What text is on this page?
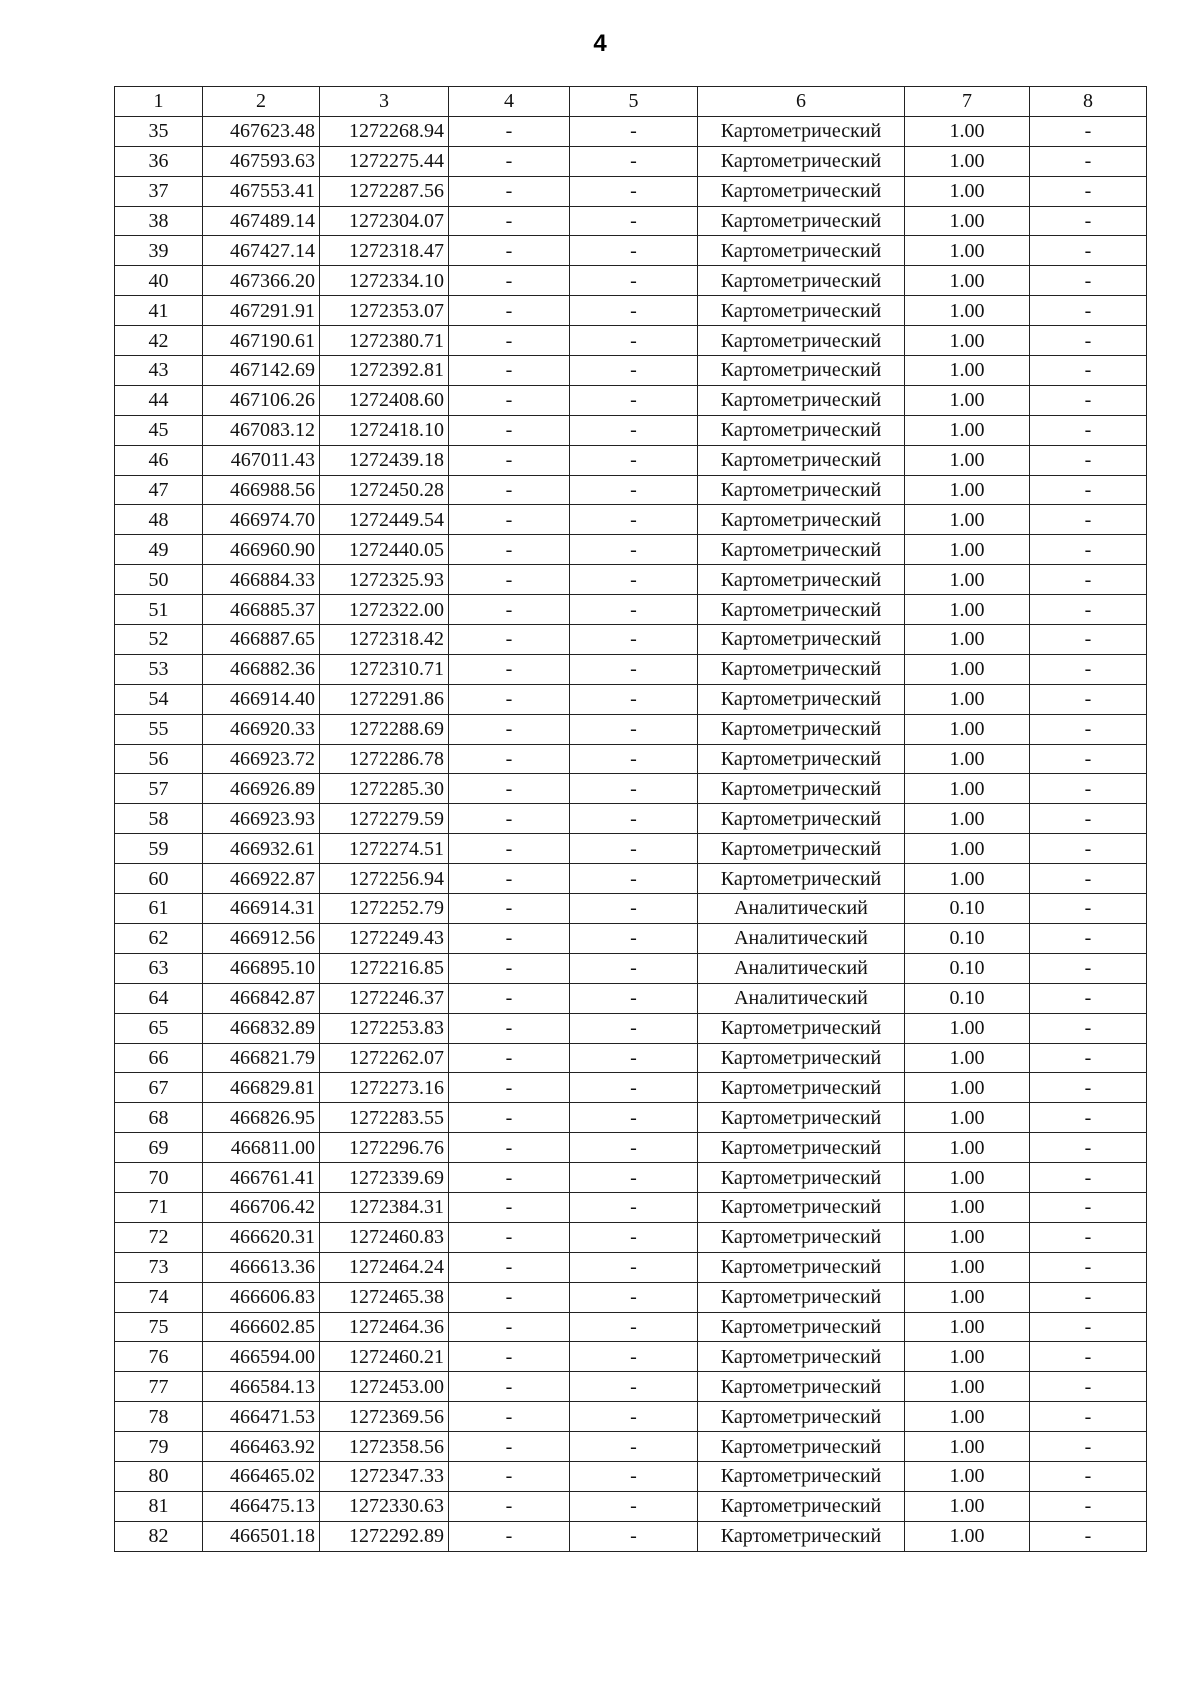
4
1	2	3	4	5	6	7	8
35	467623.48	1272268.94	-	-	Картометрический	1.00	-
36	467593.63	1272275.44	-	-	Картометрический	1.00	-
37	467553.41	1272287.56	-	-	Картометрический	1.00	-
38	467489.14	1272304.07	-	-	Картометрический	1.00	-
39	467427.14	1272318.47	-	-	Картометрический	1.00	-
40	467366.20	1272334.10	-	-	Картометрический	1.00	-
41	467291.91	1272353.07	-	-	Картометрический	1.00	-
42	467190.61	1272380.71	-	-	Картометрический	1.00	-
43	467142.69	1272392.81	-	-	Картометрический	1.00	-
44	467106.26	1272408.60	-	-	Картометрический	1.00	-
45	467083.12	1272418.10	-	-	Картометрический	1.00	-
46	467011.43	1272439.18	-	-	Картометрический	1.00	-
47	466988.56	1272450.28	-	-	Картометрический	1.00	-
48	466974.70	1272449.54	-	-	Картометрический	1.00	-
49	466960.90	1272440.05	-	-	Картометрический	1.00	-
50	466884.33	1272325.93	-	-	Картометрический	1.00	-
51	466885.37	1272322.00	-	-	Картометрический	1.00	-
52	466887.65	1272318.42	-	-	Картометрический	1.00	-
53	466882.36	1272310.71	-	-	Картометрический	1.00	-
54	466914.40	1272291.86	-	-	Картометрический	1.00	-
55	466920.33	1272288.69	-	-	Картометрический	1.00	-
56	466923.72	1272286.78	-	-	Картометрический	1.00	-
57	466926.89	1272285.30	-	-	Картометрический	1.00	-
58	466923.93	1272279.59	-	-	Картометрический	1.00	-
59	466932.61	1272274.51	-	-	Картометрический	1.00	-
60	466922.87	1272256.94	-	-	Картометрический	1.00	-
61	466914.31	1272252.79	-	-	Аналитический	0.10	-
62	466912.56	1272249.43	-	-	Аналитический	0.10	-
63	466895.10	1272216.85	-	-	Аналитический	0.10	-
64	466842.87	1272246.37	-	-	Аналитический	0.10	-
65	466832.89	1272253.83	-	-	Картометрический	1.00	-
66	466821.79	1272262.07	-	-	Картометрический	1.00	-
67	466829.81	1272273.16	-	-	Картометрический	1.00	-
68	466826.95	1272283.55	-	-	Картометрический	1.00	-
69	466811.00	1272296.76	-	-	Картометрический	1.00	-
70	466761.41	1272339.69	-	-	Картометрический	1.00	-
71	466706.42	1272384.31	-	-	Картометрический	1.00	-
72	466620.31	1272460.83	-	-	Картометрический	1.00	-
73	466613.36	1272464.24	-	-	Картометрический	1.00	-
74	466606.83	1272465.38	-	-	Картометрический	1.00	-
75	466602.85	1272464.36	-	-	Картометрический	1.00	-
76	466594.00	1272460.21	-	-	Картометрический	1.00	-
77	466584.13	1272453.00	-	-	Картометрический	1.00	-
78	466471.53	1272369.56	-	-	Картометрический	1.00	-
79	466463.92	1272358.56	-	-	Картометрический	1.00	-
80	466465.02	1272347.33	-	-	Картометрический	1.00	-
81	466475.13	1272330.63	-	-	Картометрический	1.00	-
82	466501.18	1272292.89	-	-	Картометрический	1.00	-
